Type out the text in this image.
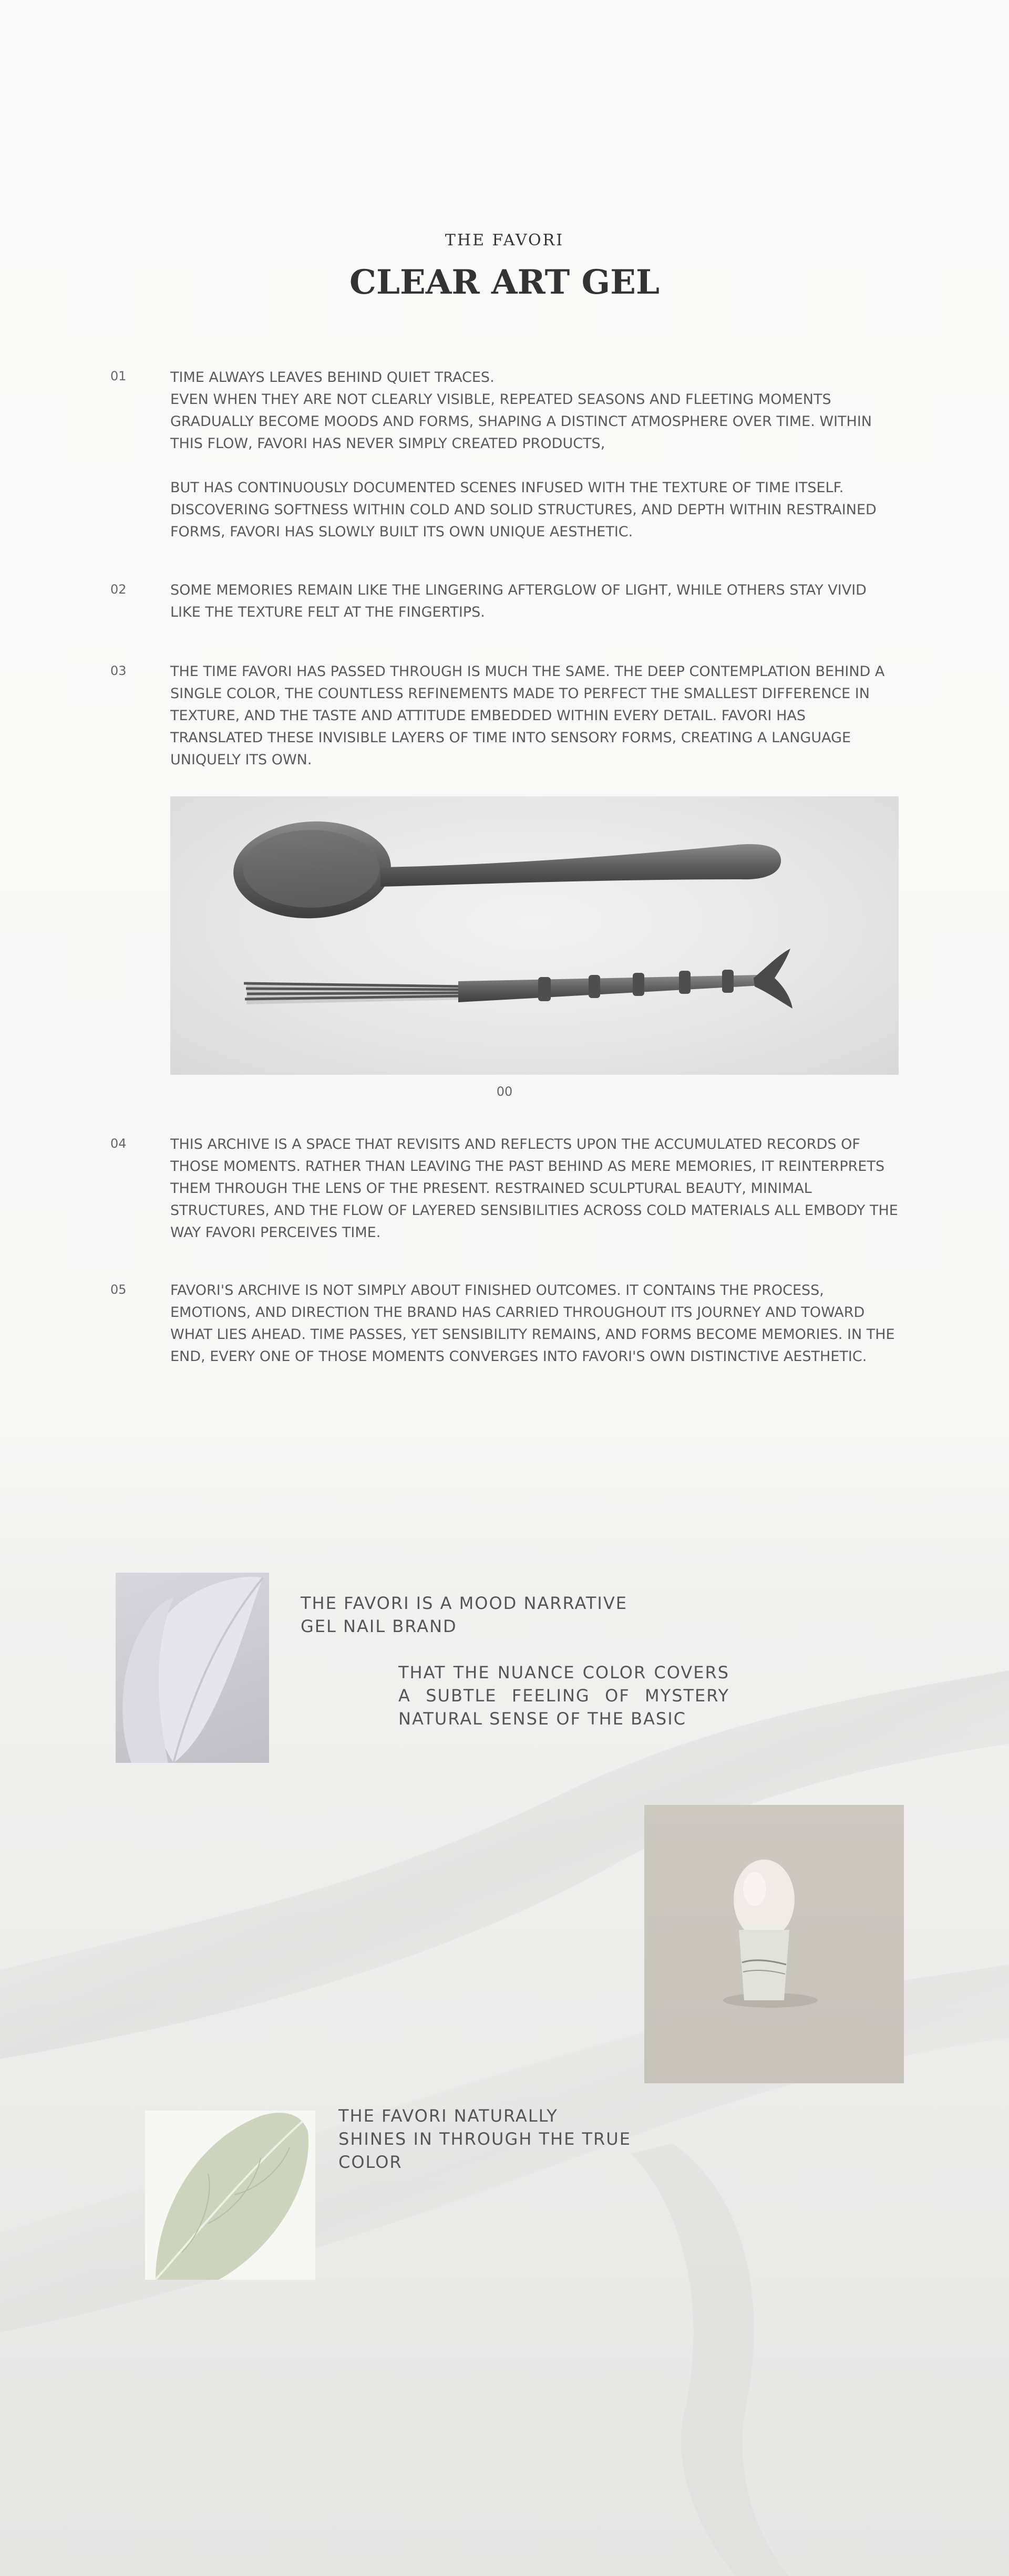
THE FAVORI
CLEAR ART GEL
01	TIME ALWAYS LEAVES BEHIND QUIET TRACES.

EVEN WHEN THEY ARE NOT CLEARLY VISIBLE, REPEATED SEASONS AND FLEETING MOMENTS GRADUALLY BECOME MOODS AND FORMS, SHAPING A DISTINCT ATMOSPHERE OVER TIME. WITHIN THIS FLOW, FAVORI HAS NEVER SIMPLY CREATED PRODUCTS,

BUT HAS CONTINUOUSLY DOCUMENTED SCENES INFUSED WITH THE TEXTURE OF TIME ITSELF. DISCOVERING SOFTNESS WITHIN COLD AND SOLID STRUCTURES, AND DEPTH WITHIN RESTRAINED FORMS, FAVORI HAS SLOWLY BUILT ITS OWN UNIQUE AESTHETIC.

02	SOME MEMORIES REMAIN LIKE THE LINGERING AFTERGLOW OF LIGHT, WHILE OTHERS STAY VIVID LIKE THE TEXTURE FELT AT THE FINGERTIPS.

03	THE TIME FAVORI HAS PASSED THROUGH IS MUCH THE SAME. THE DEEP CONTEMPLATION BEHIND A SINGLE COLOR, THE COUNTLESS REFINEMENTS MADE TO PERFECT THE SMALLEST DIFFERENCE IN TEXTURE, AND THE TASTE AND ATTITUDE EMBEDDED WITHIN EVERY DETAIL. FAVORI HAS TRANSLATED THESE INVISIBLE LAYERS OF TIME INTO SENSORY FORMS, CREATING A LANGUAGE UNIQUELY ITS OWN.

00
04	THIS ARCHIVE IS A SPACE THAT REVISITS AND REFLECTS UPON THE ACCUMULATED RECORDS OF THOSE MOMENTS. RATHER THAN LEAVING THE PAST BEHIND AS MERE MEMORIES, IT REINTERPRETS THEM THROUGH THE LENS OF THE PRESENT. RESTRAINED SCULPTURAL BEAUTY, MINIMAL STRUCTURES, AND THE FLOW OF LAYERED SENSIBILITIES ACROSS COLD MATERIALS ALL EMBODY THE WAY FAVORI PERCEIVES TIME.

05	FAVORI'S ARCHIVE IS NOT SIMPLY ABOUT FINISHED OUTCOMES. IT CONTAINS THE PROCESS, EMOTIONS, AND DIRECTION THE BRAND HAS CARRIED THROUGHOUT ITS JOURNEY AND TOWARD WHAT LIES AHEAD. TIME PASSES, YET SENSIBILITY REMAINS, AND FORMS BECOME MEMORIES. IN THE END, EVERY ONE OF THOSE MOMENTS CONVERGES INTO FAVORI'S OWN DISTINCTIVE AESTHETIC.

THE FAVORI IS A MOOD NARRATIVE GEL NAIL BRAND

THAT THE NUANCE COLOR COVERS A SUBTLE FEELING OF MYSTERY NATURAL SENSE OF THE BASIC

THE FAVORI NATURALLY SHINES IN THROUGH THE TRUE COLOR
